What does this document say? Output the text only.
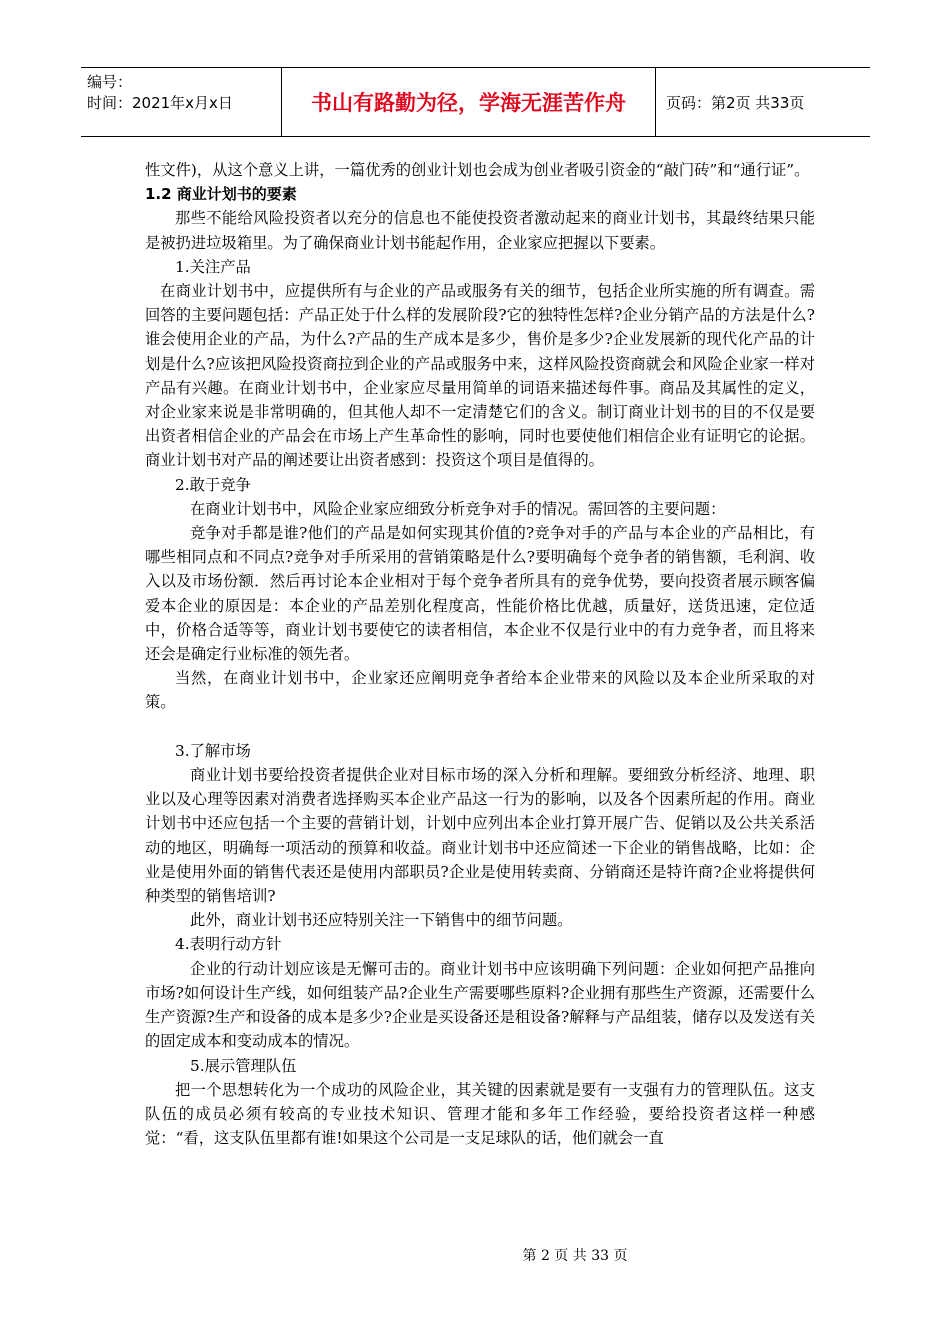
编号：
时间：2021年x月x日	书山有路勤为径，学海无涯苦作舟	页码：第2页 共33页

性文件)，从这个意义上讲，一篇优秀的创业计划也会成为创业者吸引资金的“敲门砖”和“通行证”。

1.2 商业计划书的要素

那些不能给风险投资者以充分的信息也不能使投资者激动起来的商业计划书，其最终结果只能是被扔进垃圾箱里。为了确保商业计划书能起作用，企业家应把握以下要素。

1.关注产品

在商业计划书中，应提供所有与企业的产品或服务有关的细节，包括企业所实施的所有调查。需回答的主要问题包括：产品正处于什么样的发展阶段?它的独特性怎样?企业分销产品的方法是什么?谁会使用企业的产品，为什么?产品的生产成本是多少，售价是多少?企业发展新的现代化产品的计划是什么?应该把风险投资商拉到企业的产品或服务中来，这样风险投资商就会和风险企业家一样对产品有兴趣。在商业计划书中，企业家应尽量用简单的词语来描述每件事。商品及其属性的定义，对企业家来说是非常明确的，但其他人却不一定清楚它们的含义。制订商业计划书的目的不仅是要出资者相信企业的产品会在市场上产生革命性的影响，同时也要使他们相信企业有证明它的论据。商业计划书对产品的阐述要让出资者感到：投资这个项目是值得的。

2.敢于竞争

在商业计划书中，风险企业家应细致分析竞争对手的情况。需回答的主要问题：

竞争对手都是谁?他们的产品是如何实现其价值的?竞争对手的产品与本企业的产品相比，有哪些相同点和不同点?竞争对手所采用的营销策略是什么?要明确每个竞争者的销售额，毛利润、收入以及市场份额．然后再讨论本企业相对于每个竞争者所具有的竞争优势，要向投资者展示顾客偏爱本企业的原因是：本企业的产品差别化程度高，性能价格比优越，质量好，送货迅速，定位适中，价格合适等等，商业计划书要使它的读者相信，本企业不仅是行业中的有力竞争者，而且将来还会是确定行业标准的领先者。

当然，在商业计划书中，企业家还应阐明竞争者给本企业带来的风险以及本企业所采取的对策。

3.了解市场

商业计划书要给投资者提供企业对目标市场的深入分析和理解。要细致分析经济、地理、职业以及心理等因素对消费者选择购买本企业产品这一行为的影响，以及各个因素所起的作用。商业计划书中还应包括一个主要的营销计划，计划中应列出本企业打算开展广告、促销以及公共关系活动的地区，明确每一项活动的预算和收益。商业计划书中还应简述一下企业的销售战略，比如：企业是使用外面的销售代表还是使用内部职员?企业是使用转卖商、分销商还是特许商?企业将提供何种类型的销售培训?

此外，商业计划书还应特别关注一下销售中的细节问题。

4.表明行动方针

企业的行动计划应该是无懈可击的。商业计划书中应该明确下列问题：企业如何把产品推向市场?如何设计生产线，如何组装产品?企业生产需要哪些原料?企业拥有那些生产资源，还需要什么生产资源?生产和设备的成本是多少?企业是买设备还是租设备?解释与产品组装，储存以及发送有关的固定成本和变动成本的情况。

5.展示管理队伍

把一个思想转化为一个成功的风险企业，其关键的因素就是要有一支强有力的管理队伍。这支队伍的成员必须有较高的专业技术知识、管理才能和多年工作经验，要给投资者这样一种感觉：“看，这支队伍里都有谁!如果这个公司是一支足球队的话，他们就会一直

第 2 页 共 33 页
